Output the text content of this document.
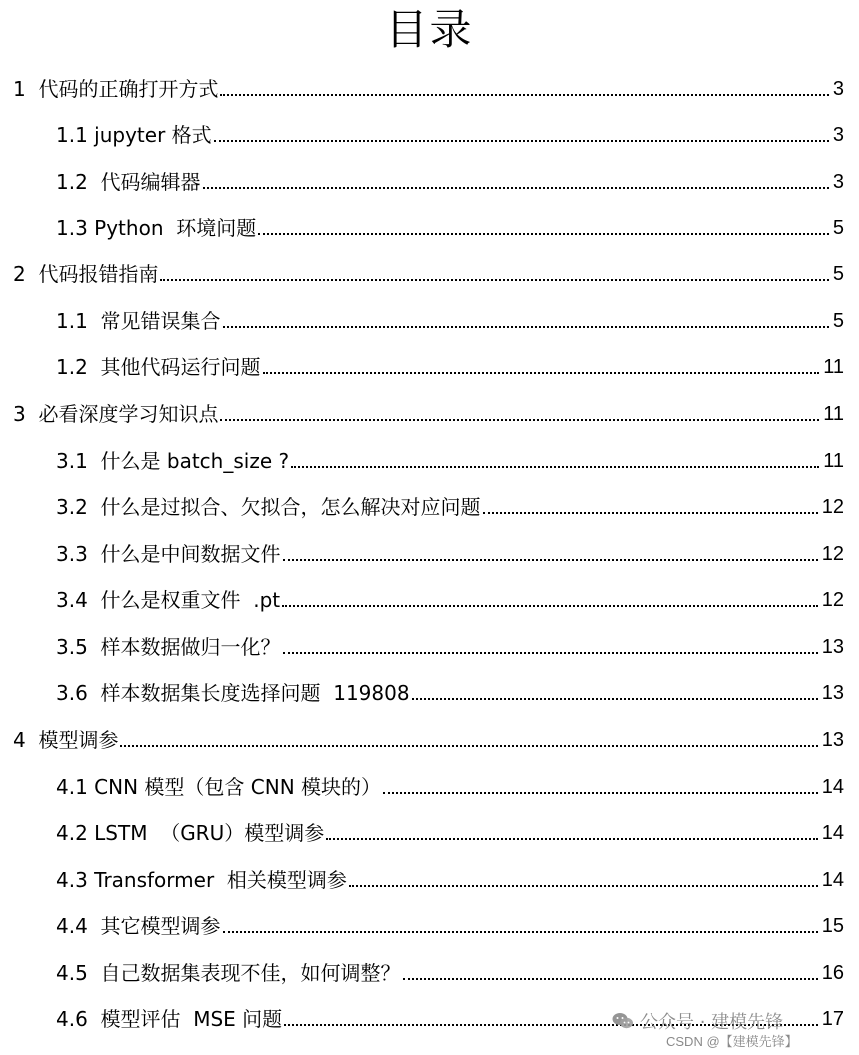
目录
1  代码的正确打开方式	3
1.1 jupyter 格式	3
1.2  代码编辑器	3
1.3 Python  环境问题	5
2  代码报错指南	5
1.1  常见错误集合	5
1.2  其他代码运行问题	11
3  必看深度学习知识点	11
3.1  什么是 batch_size ?	11
3.2  什么是过拟合、欠拟合，怎么解决对应问题	12
3.3  什么是中间数据文件	12
3.4  什么是权重文件  .pt	12
3.5  样本数据做归一化？	13
3.6  样本数据集长度选择问题  119808	13
4  模型调参	13
4.1 CNN 模型（包含 CNN 模块的）	14
4.2 LSTM  （GRU）模型调参	14
4.3 Transformer  相关模型调参	14
4.4  其它模型调参	15
4.5  自己数据集表现不佳，如何调整？	16
4.6  模型评估  MSE 问题	17
公众号 · 建模先锋
CSDN @【建模先锋】
